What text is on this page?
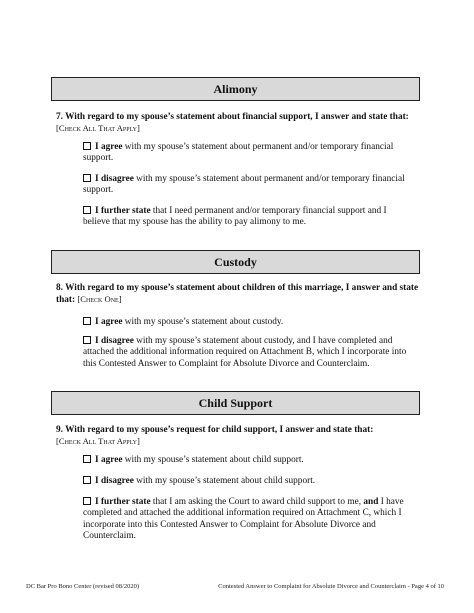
Alimony
7. With regard to my spouse’s statement about financial support, I answer and state that:
[Check All That Apply]
I agree with my spouse’s statement about permanent and/or temporary financial support.
I disagree with my spouse’s statement about permanent and/or temporary financial support.
I further state that I need permanent and/or temporary financial support and I believe that my spouse has the ability to pay alimony to me.
Custody
8. With regard to my spouse’s statement about children of this marriage, I answer and state that: [Check One]
I agree with my spouse’s statement about custody.
I disagree with my spouse’s statement about custody, and I have completed and attached the additional information required on Attachment B, which I incorporate into this Contested Answer to Complaint for Absolute Divorce and Counterclaim.
Child Support
9. With regard to my spouse’s request for child support, I answer and state that:
[Check All That Apply]
I agree with my spouse’s statement about child support.
I disagree with my spouse’s statement about child support.
I further state that I am asking the Court to award child support to me, and I have completed and attached the additional information required on Attachment C, which I incorporate into this Contested Answer to Complaint for Absolute Divorce and Counterclaim.
DC Bar Pro Bono Center (revised 08/2020)	Contested Answer to Complaint for Absolute Divorce and Counterclaim - Page 4 of 10
